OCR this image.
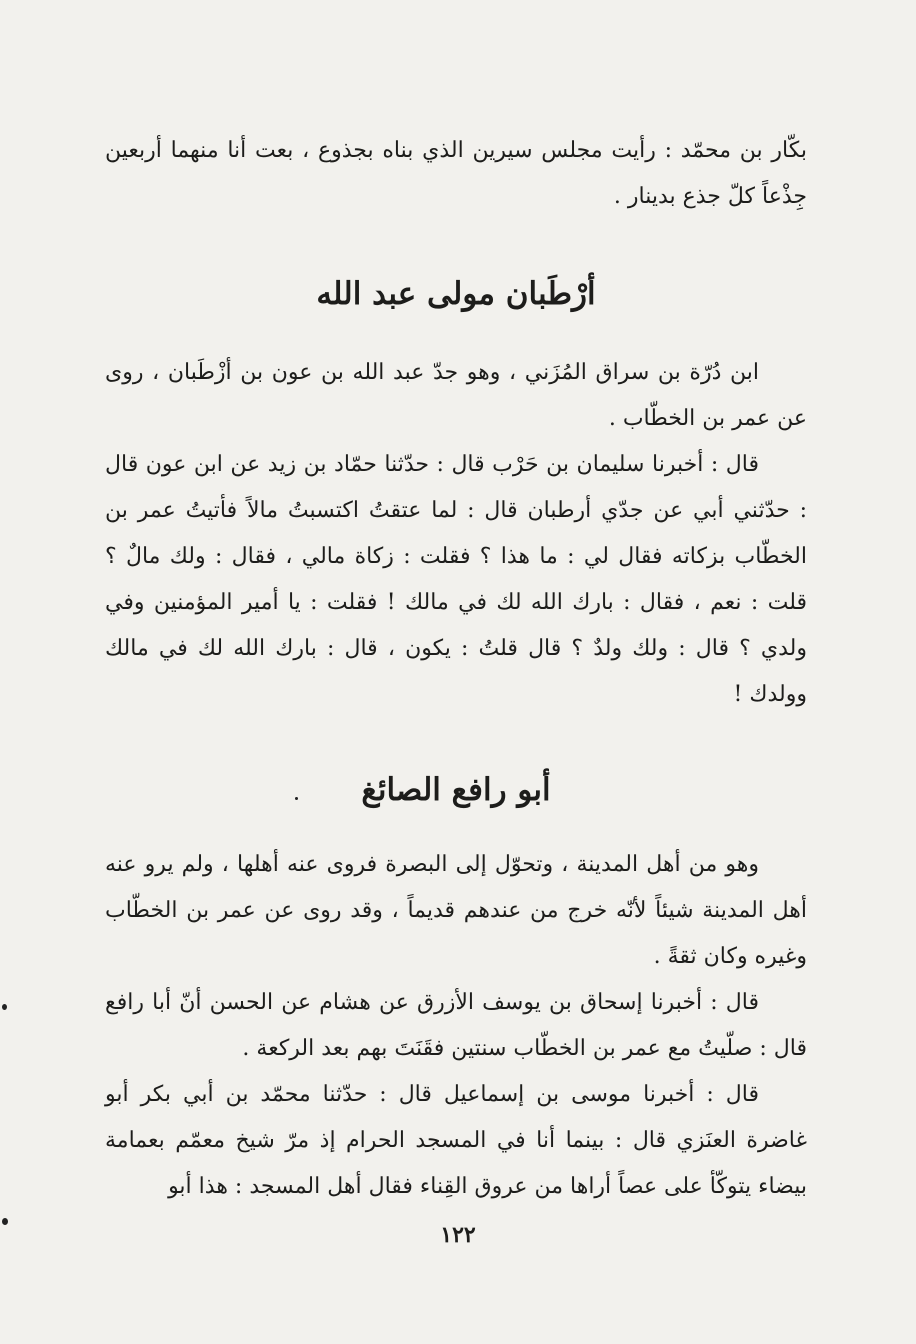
بكّار بن محمّد : رأيت مجلس سيرين الذي بناه بجذوع ، بعت أنا منهما أربعين جِذْعاً كلّ جذع بدينار .

أرْطَبان مولى عبد الله

ابن دُرّة بن سراق المُزَني ، وهو جدّ عبد الله بن عون بن أزْطَبان ، روى عن عمر بن الخطّاب .

قال : أخبرنا سليمان بن حَرْب قال : حدّثنا حمّاد بن زيد عن ابن عون قال : حدّثني أبي عن جدّي أرطبان قال : لما عتقتُ اكتسبتُ مالاً فأتيتُ عمر بن الخطّاب بزكاته فقال لي : ما هذا ؟ فقلت : زكاة مالي ، فقال : ولك مالٌ ؟ قلت : نعم ، فقال : بارك الله لك في مالك ! فقلت : يا أمير المؤمنين وفي ولدي ؟ قال : ولك ولدٌ ؟ قال قلتُ : يكون ، قال : بارك الله لك في مالك وولدك !

أبو رافع الصائغ

وهو من أهل المدينة ، وتحوّل إلى البصرة فروى عنه أهلها ، ولم يرو عنه أهل المدينة شيئاً لأنّه خرج من عندهم قديماً ، وقد روى عن عمر بن الخطّاب وغيره وكان ثقةً .

قال : أخبرنا إسحاق بن يوسف الأزرق عن هشام عن الحسن أنّ أبا رافع قال : صلّيتُ مع عمر بن الخطّاب سنتين فقَنَتَ بهم بعد الركعة .

قال : أخبرنا موسى بن إسماعيل قال : حدّثنا محمّد بن أبي بكر أبو غاضرة العنَزي قال : بينما أنا في المسجد الحرام إذ مرّ شيخ معمّم بعمامة بيضاء يتوكّأ على عصاً أراها من عروق القِناء فقال أهل المسجد : هذا أبو

١٢٢
